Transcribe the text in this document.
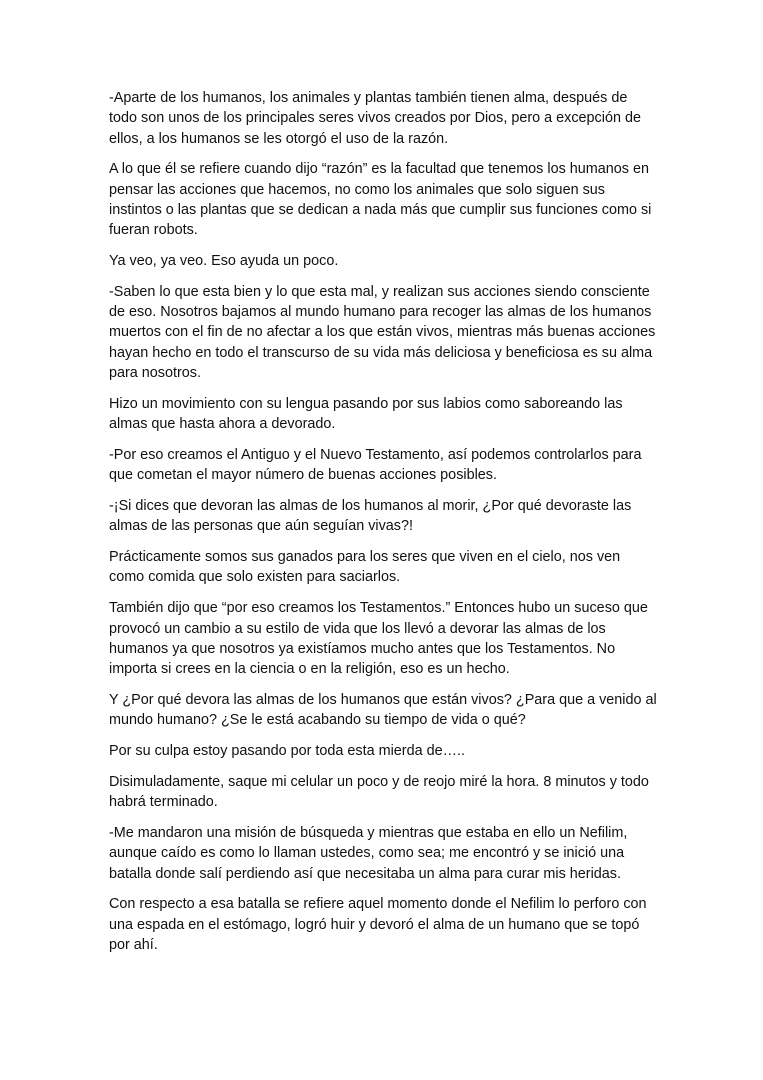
-Aparte de los humanos, los animales y plantas también tienen alma, después de todo son unos de los principales seres vivos creados por Dios, pero a excepción de ellos, a los humanos se les otorgó el uso de la razón.

A lo que él se refiere cuando dijo “razón” es la facultad que tenemos los humanos en pensar las acciones que hacemos, no como los animales que solo siguen sus instintos o las plantas que se dedican a nada más que cumplir sus funciones como si fueran robots.

Ya veo, ya veo. Eso ayuda un poco.

-Saben lo que esta bien y lo que esta mal, y realizan sus acciones siendo consciente de eso. Nosotros bajamos al mundo humano para recoger las almas de los humanos muertos con el fin de no afectar a los que están vivos, mientras más buenas acciones hayan hecho en todo el transcurso de su vida más deliciosa y beneficiosa es su alma para nosotros.

Hizo un movimiento con su lengua pasando por sus labios como saboreando las almas que hasta ahora a devorado.

-Por eso creamos el Antiguo y el Nuevo Testamento, así podemos controlarlos para que cometan el mayor número de buenas acciones posibles.

-¡Si dices que devoran las almas de los humanos al morir, ¿Por qué devoraste las almas de las personas que aún seguían vivas?!

Prácticamente somos sus ganados para los seres que viven en el cielo, nos ven como comida que solo existen para saciarlos.

También dijo que “por eso creamos los Testamentos.” Entonces hubo un suceso que provocó un cambio a su estilo de vida que los llevó a devorar las almas de los humanos ya que nosotros ya existíamos mucho antes que los Testamentos. No importa si crees en la ciencia o en la religión, eso es un hecho.

Y ¿Por qué devora las almas de los humanos que están vivos? ¿Para que a venido al mundo humano? ¿Se le está acabando su tiempo de vida o qué?

Por su culpa estoy pasando por toda esta mierda de…..

Disimuladamente, saque mi celular un poco y de reojo miré la hora. 8 minutos y todo habrá terminado.

-Me mandaron una misión de búsqueda y mientras que estaba en ello un Nefilim, aunque caído es como lo llaman ustedes, como sea; me encontró y se inició una batalla donde salí perdiendo así que necesitaba un alma para curar mis heridas.

Con respecto a esa batalla se refiere aquel momento donde el Nefilim lo perforo con una espada en el estómago, logró huir y devoró el alma de un humano que se topó por ahí.
